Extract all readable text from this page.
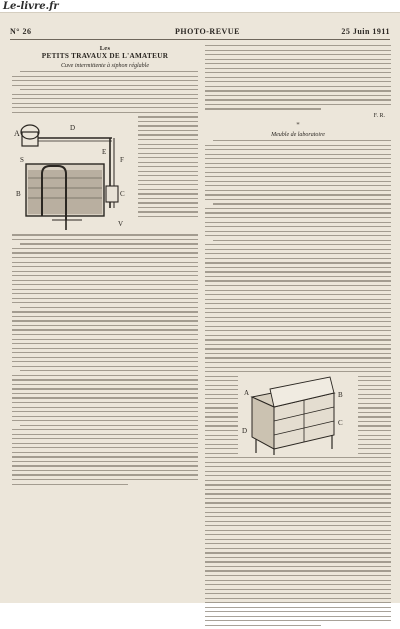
Le-livre.fr
N° 26	PHOTO-REVUE	25 Juin 1911
Les
PETITS TRAVAUX DE L'AMATEUR
Cuve intermittente à siphon réglable
A
D
E
S	F
B	C
V
F. R.
*
Meuble de laboratoire
A	B
C
D
